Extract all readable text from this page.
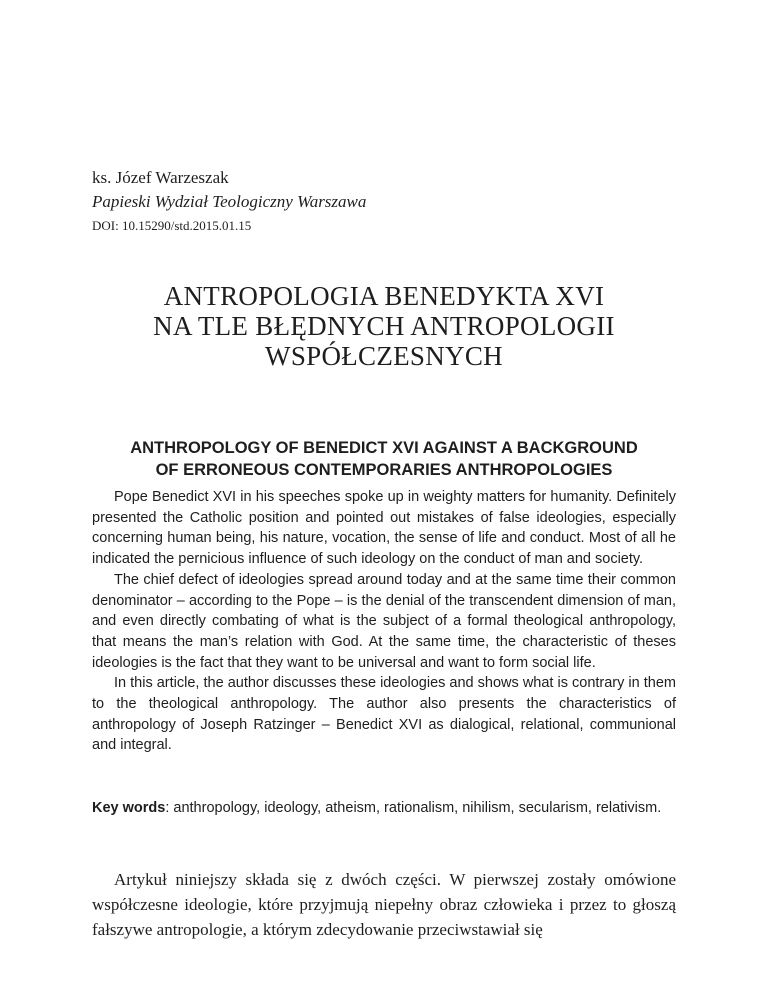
ks. Józef Warzeszak
Papieski Wydział Teologiczny Warszawa
DOI: 10.15290/std.2015.01.15
ANTROPOLOGIA BENEDYKTA XVI
NA TLE BŁĘDNYCH ANTROPOLOGII
WSPÓŁCZESNYCH
ANTHROPOLOGY OF BENEDICT XVI AGAINST A BACKGROUND
OF ERRONEOUS CONTEMPORARIES ANTHROPOLOGIES

Pope Benedict XVI in his speeches spoke up in weighty matters for humanity. Definitely presented the Catholic position and pointed out mistakes of false ideologies, especially concerning human being, his nature, vocation, the sense of life and conduct. Most of all he indicated the pernicious influence of such ideology on the conduct of man and society.

The chief defect of ideologies spread around today and at the same time their common denominator – according to the Pope – is the denial of the transcendent dimension of man, and even directly combating of what is the subject of a formal theological anthropology, that means the man’s relation with God. At the same time, the characteristic of theses ideologies is the fact that they want to be universal and want to form social life.

In this article, the author discusses these ideologies and shows what is contrary in them to the theological anthropology. The author also presents the characteristics of anthropology of Joseph Ratzinger – Benedict XVI as dialogical, relational, communional and integral.

Key words: anthropology, ideology, atheism, rationalism, nihilism, secularism, relativism.

Artykuł niniejszy składa się z dwóch części. W pierwszej zostały omówione współczesne ideologie, które przyjmują niepełny obraz człowieka i przez to głoszą fałszywe antropologie, a którym zdecydowanie przeciwstawiał się
